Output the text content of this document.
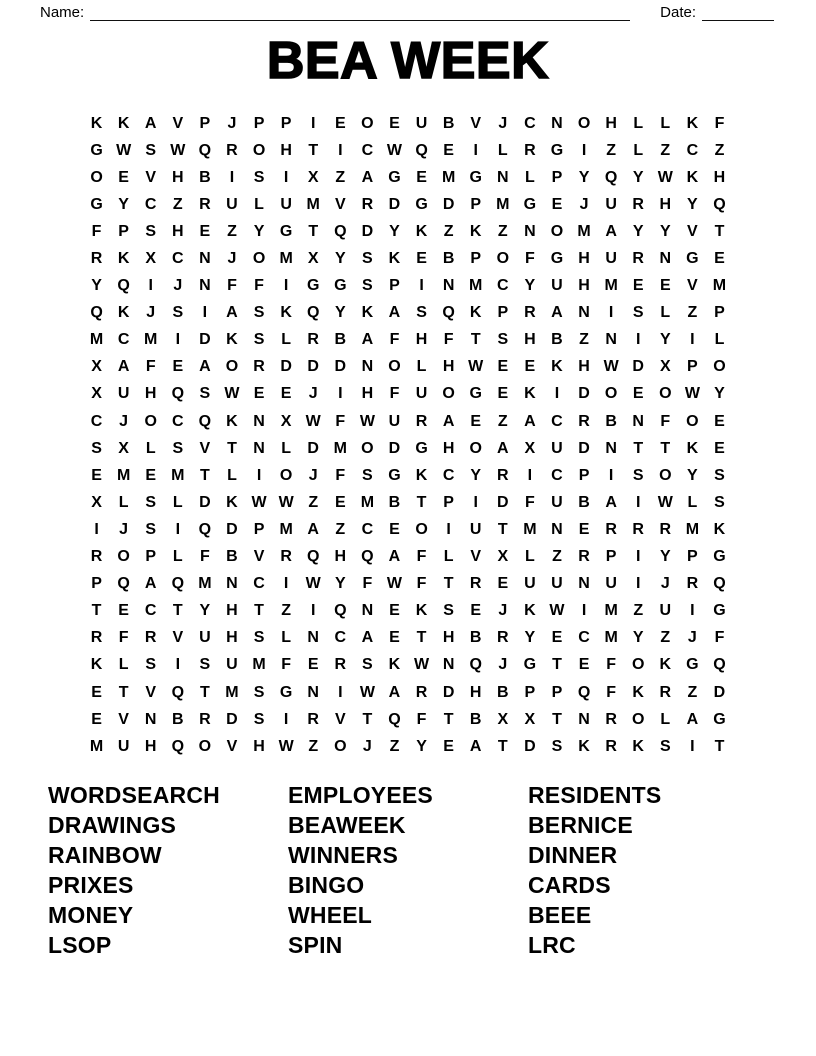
Name:	Date:
BEA WEEK
K K A V	P	J	P	P	I	E O E U B V	J	C N O H	L	L	K	F
G W S W Q R O H	T	I	C W Q E	I	L	R G	I	Z	L	Z	C	Z
O E	V H B	I	S	I	X	Z	A G E M G N	L	P	Y Q Y W K H
G Y C	Z	R U	L	U M V R D G D P M G E	J	U R H Y Q
F	P	S H E	Z	Y G T Q D Y K	Z	K	Z	N O M A Y	Y	V	T
R K X C N	J	O M X	Y	S K E B P O F G H U R N G E
Y Q	I	J	N	F	F	I	G G S	P	I	N M C Y U H M E	E	V M
Q K	J	S	I	A S K Q Y K A S Q K P R A N	I	S	L	Z	P
M C M	I	D K S	L	R B A	F	H	F	T	S H B	Z	N	I	Y	I	L
X A	F	E A O R D D D N O L	H W E	E K H W D X	P O
X U H Q S W E	E	J	I	H	F	U O G E K	I	D O E O W Y
C	J	O C Q K N X W F W U R A E	Z	A C R B N	F O E
S	X	L	S	V	T	N	L	D M O D G H O A X U D N	T	T	K E
E M E M T	L	I	O	J	F	S G K C Y R	I	C P	I	S O Y	S
X	L	S	L	D K W W Z	E M B	T	P	I	D	F	U B A	I	W L	S
I	J	S	I	Q D P M A	Z	C E O	I	U	T M N E R R R M K
R O P	L	F	B V R Q H Q A	F	L	V	X	L	Z	R P	I	Y	P G
P Q A Q M N C	I	W Y	F W F	T	R E U U N U	I	J	R Q
T	E C	T	Y H	T	Z	I	Q N E K S	E	J	K W	I	M Z	U	I	G
R	F	R V U H S	L	N C A E	T	H B R Y	E C M Y	Z	J	F
K	L	S	I	S U M F	E R S K W N Q	J	G T	E	F O K G Q
E	T	V Q T M S G N	I	W A R D H B P	P Q F	K R	Z	D
E	V N B R D S	I	R V	T Q F	T	B X	X	T	N R O L	A G
M U H Q O V H W Z O	J	Z	Y	E A	T	D S K R K S	I	T
WORDSEARCH
DRAWINGS
RAINBOW
PRIXES
MONEY
LSOP
EMPLOYEES
BEAWEEK
WINNERS
BINGO
WHEEL
SPIN
RESIDENTS
BERNICE
DINNER
CARDS
BEEE
LRC
